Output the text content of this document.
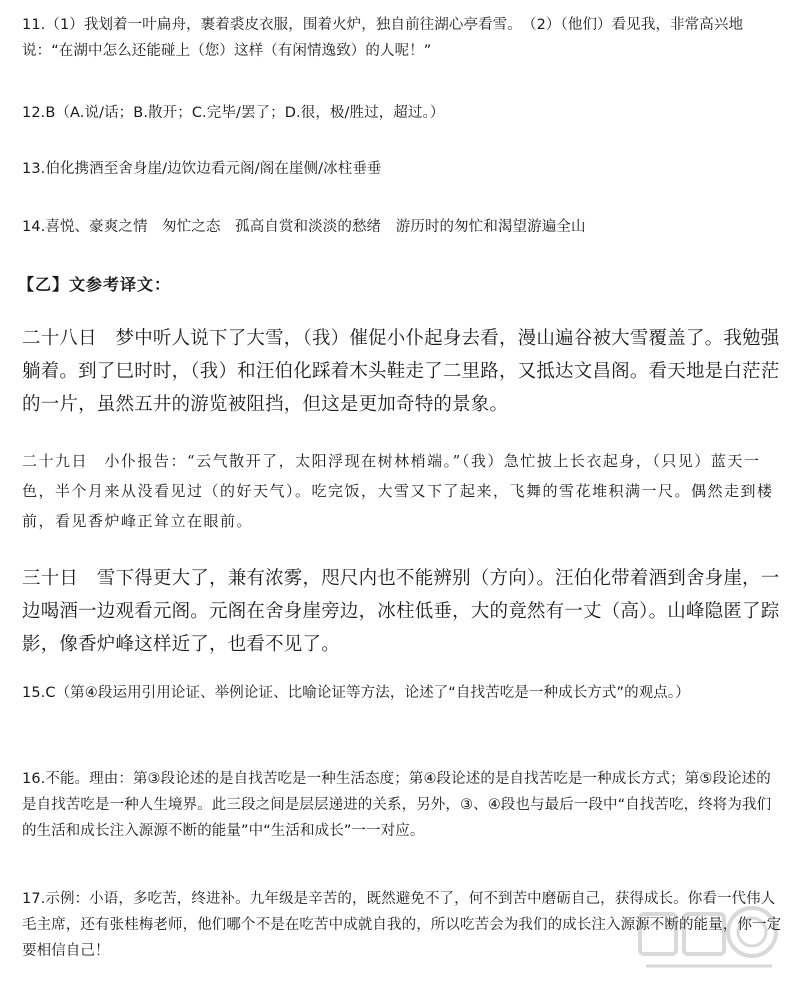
11.（1）我划着一叶扁舟，裹着裘皮衣服，围着火炉，独自前往湖心亭看雪。　（2）（他们）看见我，非常高兴地说：“在湖中怎么还能碰上（您）这样（有闲情逸致）的人呢！”

12.B（A.说/话；B.散开；C.完毕/罢了；D.很，极/胜过，超过。）

13.伯化携酒至舍身崖/边饮边看元阁/阁在崖侧/冰柱垂垂

14.喜悦、豪爽之情　匆忙之态　孤高自赏和淡淡的愁绪　游历时的匆忙和渴望游遍全山

【乙】文参考译文：

二十八日　梦中听人说下了大雪，（我）催促小仆起身去看，漫山遍谷被大雪覆盖了。我勉强躺着。到了巳时时，（我）和汪伯化踩着木头鞋走了二里路，又抵达文昌阁。看天地是白茫茫的一片，虽然五井的游览被阻挡，但这是更加奇特的景象。

二十九日　小仆报告：“云气散开了，太阳浮现在树林梢端。”（我）急忙披上长衣起身，（只见）蓝天一色，半个月来从没看见过（的好天气）。吃完饭，大雪又下了起来，飞舞的雪花堆积满一尺。偶然走到楼前，看见香炉峰正耸立在眼前。

三十日　雪下得更大了，兼有浓雾，咫尺内也不能辨别（方向）。汪伯化带着酒到舍身崖，一边喝酒一边观看元阁。元阁在舍身崖旁边，冰柱低垂，大的竟然有一丈（高）。山峰隐匿了踪影，像香炉峰这样近了，也看不见了。

15.C（第④段运用引用论证、举例论证、比喻论证等方法，论述了“自找苦吃是一种成长方式”的观点。）

16.不能。理由：第③段论述的是自找苦吃是一种生活态度；第④段论述的是自找苦吃是一种成长方式；第⑤段论述的是自找苦吃是一种人生境界。此三段之间是层层递进的关系，另外，③、④段也与最后一段中“自找苦吃，终将为我们的生活和成长注入源源不断的能量”中“生活和成长”一一对应。

17.示例：小语，多吃苦，终进补。九年级是辛苦的，既然避免不了，何不到苦中磨砺自己，获得成长。你看一代伟人毛主席，还有张桂梅老师，他们哪个不是在吃苦中成就自我的，所以吃苦会为我们的成长注入源源不断的能量，你一定要相信自己！
